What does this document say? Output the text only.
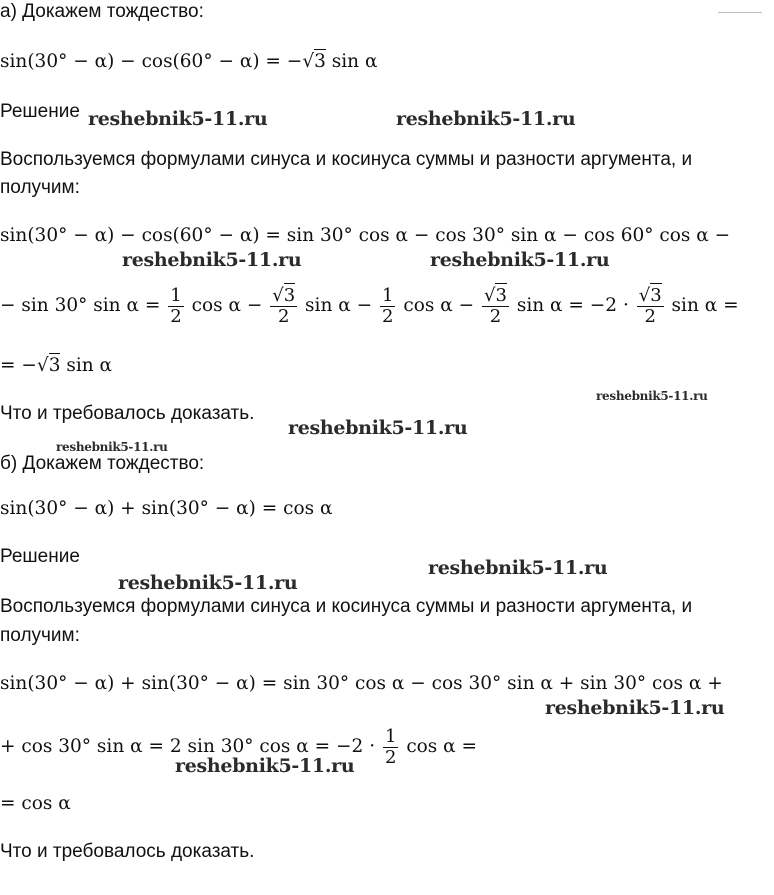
а) Докажем тождество:
sin(30° − α) − cos(60° − α) = −√3 sin α
Решение
Воспользуемся формулами синуса и косинуса суммы и разности аргумента, и
получим:
sin(30° − α) − cos(60° − α) = sin 30° cos α − cos 30° sin α − cos 60° cos α −
− sin 30° $\sin \alpha = \frac{1}{2}$ $\cos \alpha - \frac{√3}{2}$ $\sin \alpha - \frac{1}{2}$ $\cos \alpha - \frac{√3}{2}$ $\sin \alpha = -2 \cdot \frac{√3}{2}$ sin α =
= −√3 sin α
Что и требовалось доказать.
б) Докажем тождество:
sin(30° − α) + sin(30° − α) = cos α
Решение
Воспользуемся формулами синуса и косинуса суммы и разности аргумента, и
получим:
sin(30° − α) + sin(30° − α) = sin 30° cos α − cos 30° sin α + sin 30° cos α +
+ cos 30° sin α = 2 sin 30° $\cos \alpha = -2 \cdot \frac{1}{2}$ cos α =
= cos α
Что и требовалось доказать.
reshebnik5-11.ru	reshebnik5-11.ru
reshebnik5-11.ru	reshebnik5-11.ru
reshebnik5-11.ru
reshebnik5-11.ru
reshebnik5-11.ru
reshebnik5-11.ru
reshebnik5-11.ru
reshebnik5-11.ru
reshebnik5-11.ru
